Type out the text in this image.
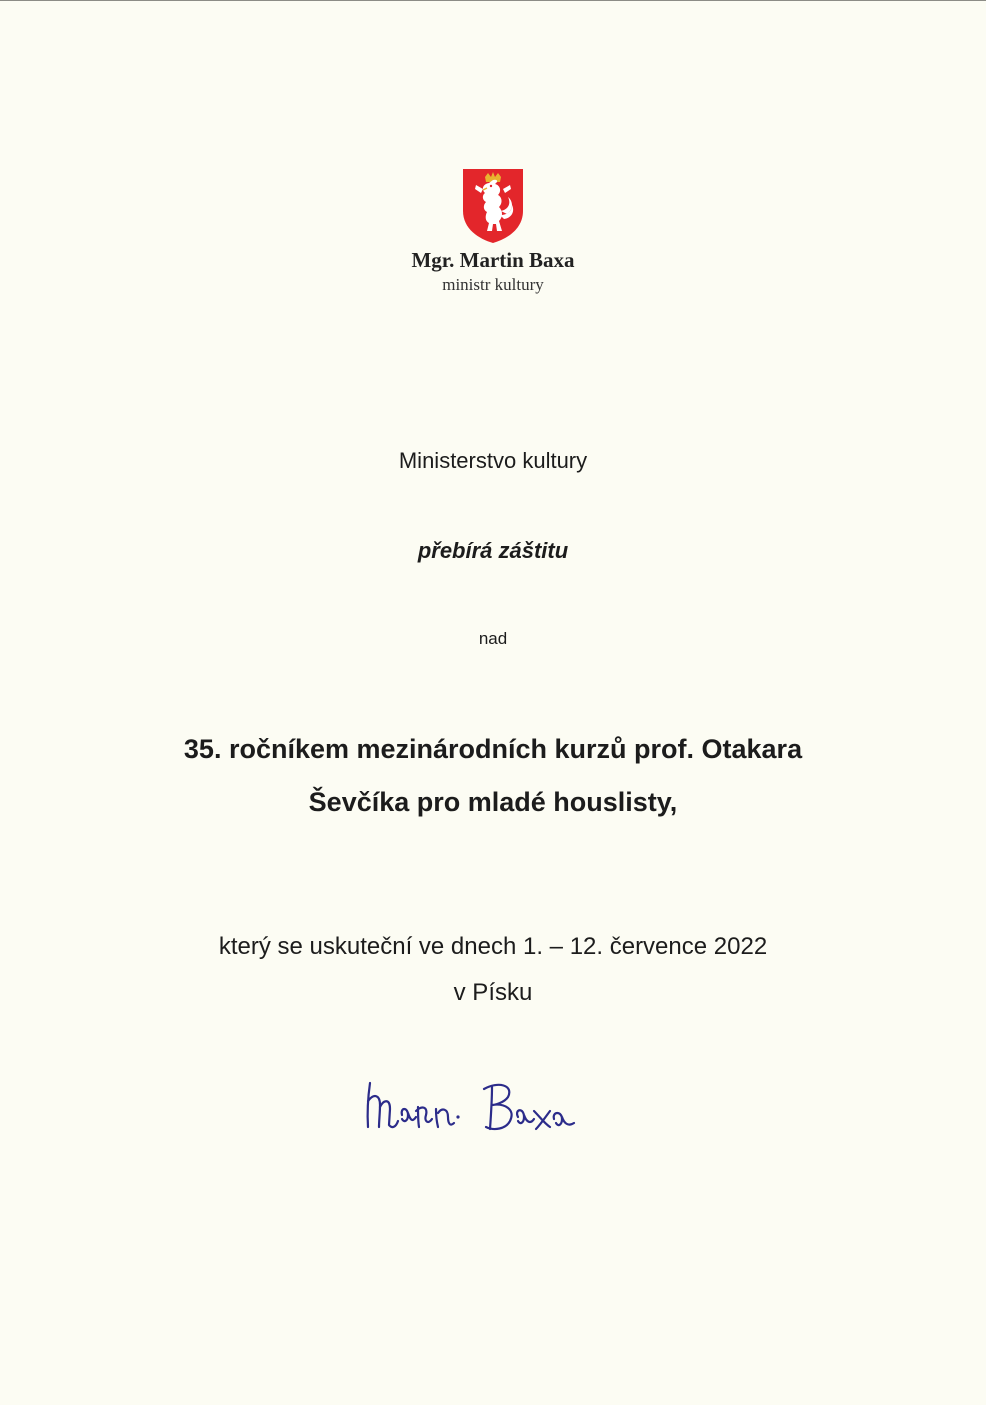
Mgr. Martin Baxa
ministr kultury
Ministerstvo kultury
přebírá záštitu
nad
35. ročníkem mezinárodních kurzů prof. Otakara
Ševčíka pro mladé houslisty,
který se uskuteční ve dnech 1. – 12. července 2022
v Písku
